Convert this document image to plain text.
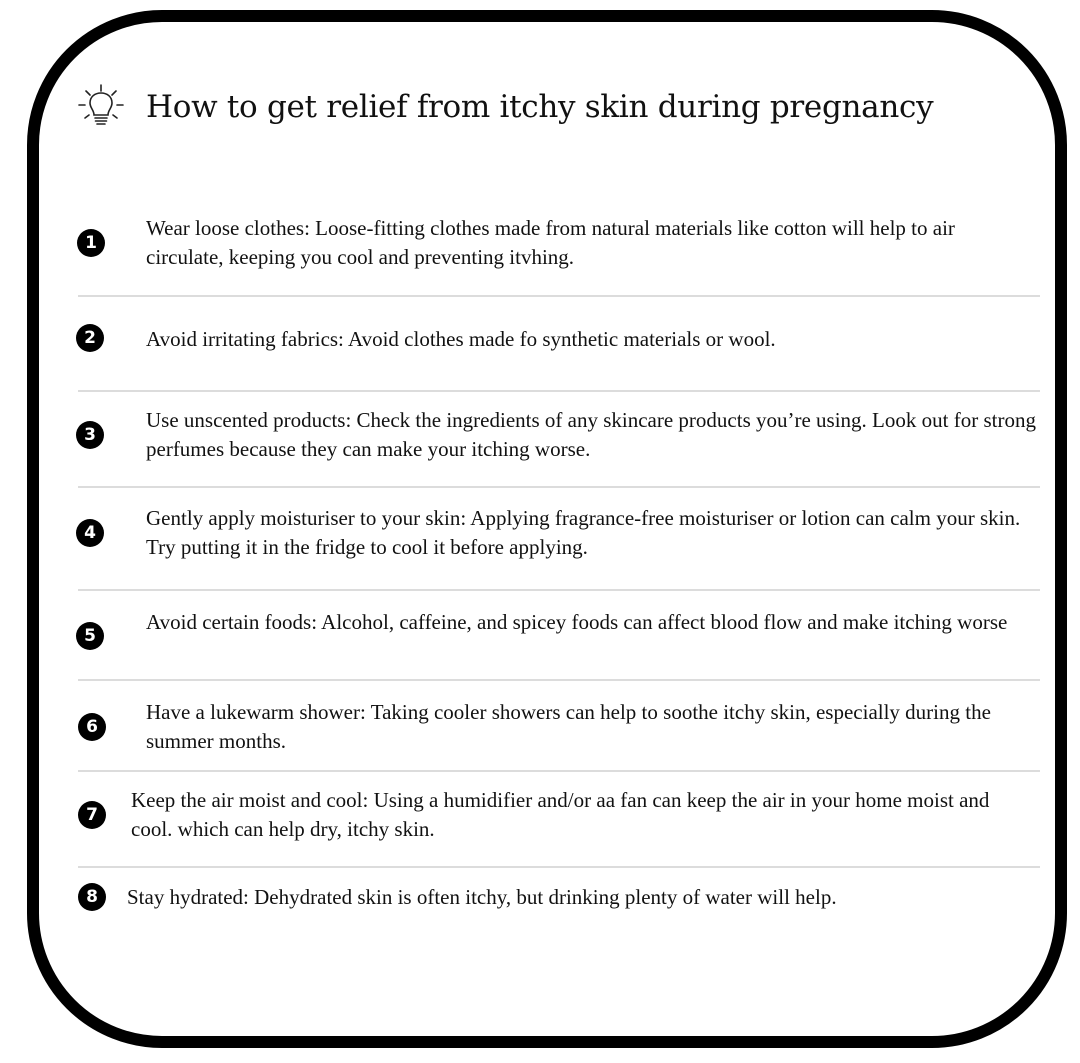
How to get relief from itchy skin during pregnancy
1
Wear loose clothes: Loose-fitting clothes made from natural materials like cotton will help to air circulate, keeping you cool and preventing itvhing.
2	Avoid irritating fabrics: Avoid clothes made fo synthetic materials or wool.
3
Use unscented products: Check the ingredients of any skincare products you’re using. Look out for strong perfumes because they can make your itching worse.
4
Gently apply moisturiser to your skin: Applying fragrance-free moisturiser or lotion can calm your skin. Try putting it in the fridge to cool it before applying.
5
Avoid certain foods: Alcohol, caffeine, and spicey foods can affect blood flow and make itching worse
6
Have a lukewarm shower: Taking cooler showers can help to soothe itchy skin, especially during the summer months.
7
Keep the air moist and cool: Using a humidifier and/or aa fan can keep the air in your home moist and cool. which can help dry, itchy skin.
8	Stay hydrated: Dehydrated skin is often itchy, but drinking plenty of water will help.
